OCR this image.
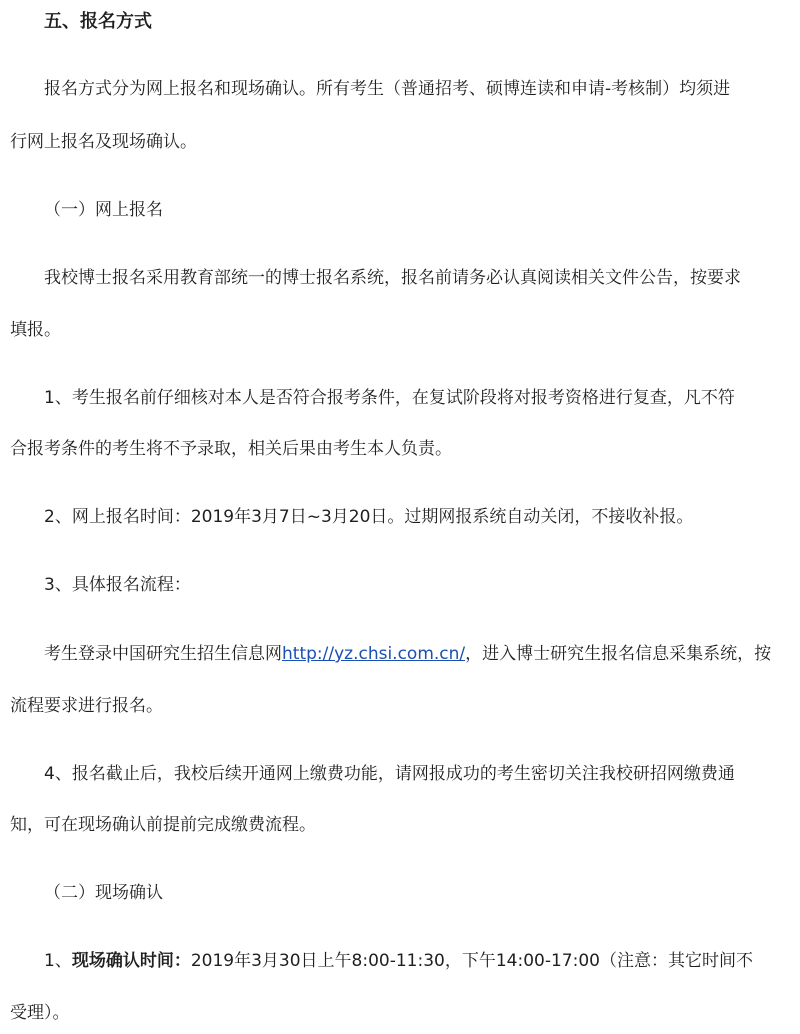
五、报名方式
报名方式分为网上报名和现场确认。所有考生（普通招考、硕博连读和申请-考核制）均须进
行网上报名及现场确认。
（一）网上报名
我校博士报名采用教育部统一的博士报名系统，报名前请务必认真阅读相关文件公告，按要求
填报。
1、考生报名前仔细核对本人是否符合报考条件，在复试阶段将对报考资格进行复查，凡不符
合报考条件的考生将不予录取，相关后果由考生本人负责。
2、网上报名时间：2019年3月7日~3月20日。过期网报系统自动关闭，不接收补报。
3、具体报名流程：
考生登录中国研究生招生信息网http://yz.chsi.com.cn/，进入博士研究生报名信息采集系统，按
流程要求进行报名。
4、报名截止后，我校后续开通网上缴费功能，请网报成功的考生密切关注我校研招网缴费通
知，可在现场确认前提前完成缴费流程。
（二）现场确认
1、现场确认时间：2019年3月30日上午8:00-11:30，下午14:00-17:00（注意：其它时间不
受理）。
